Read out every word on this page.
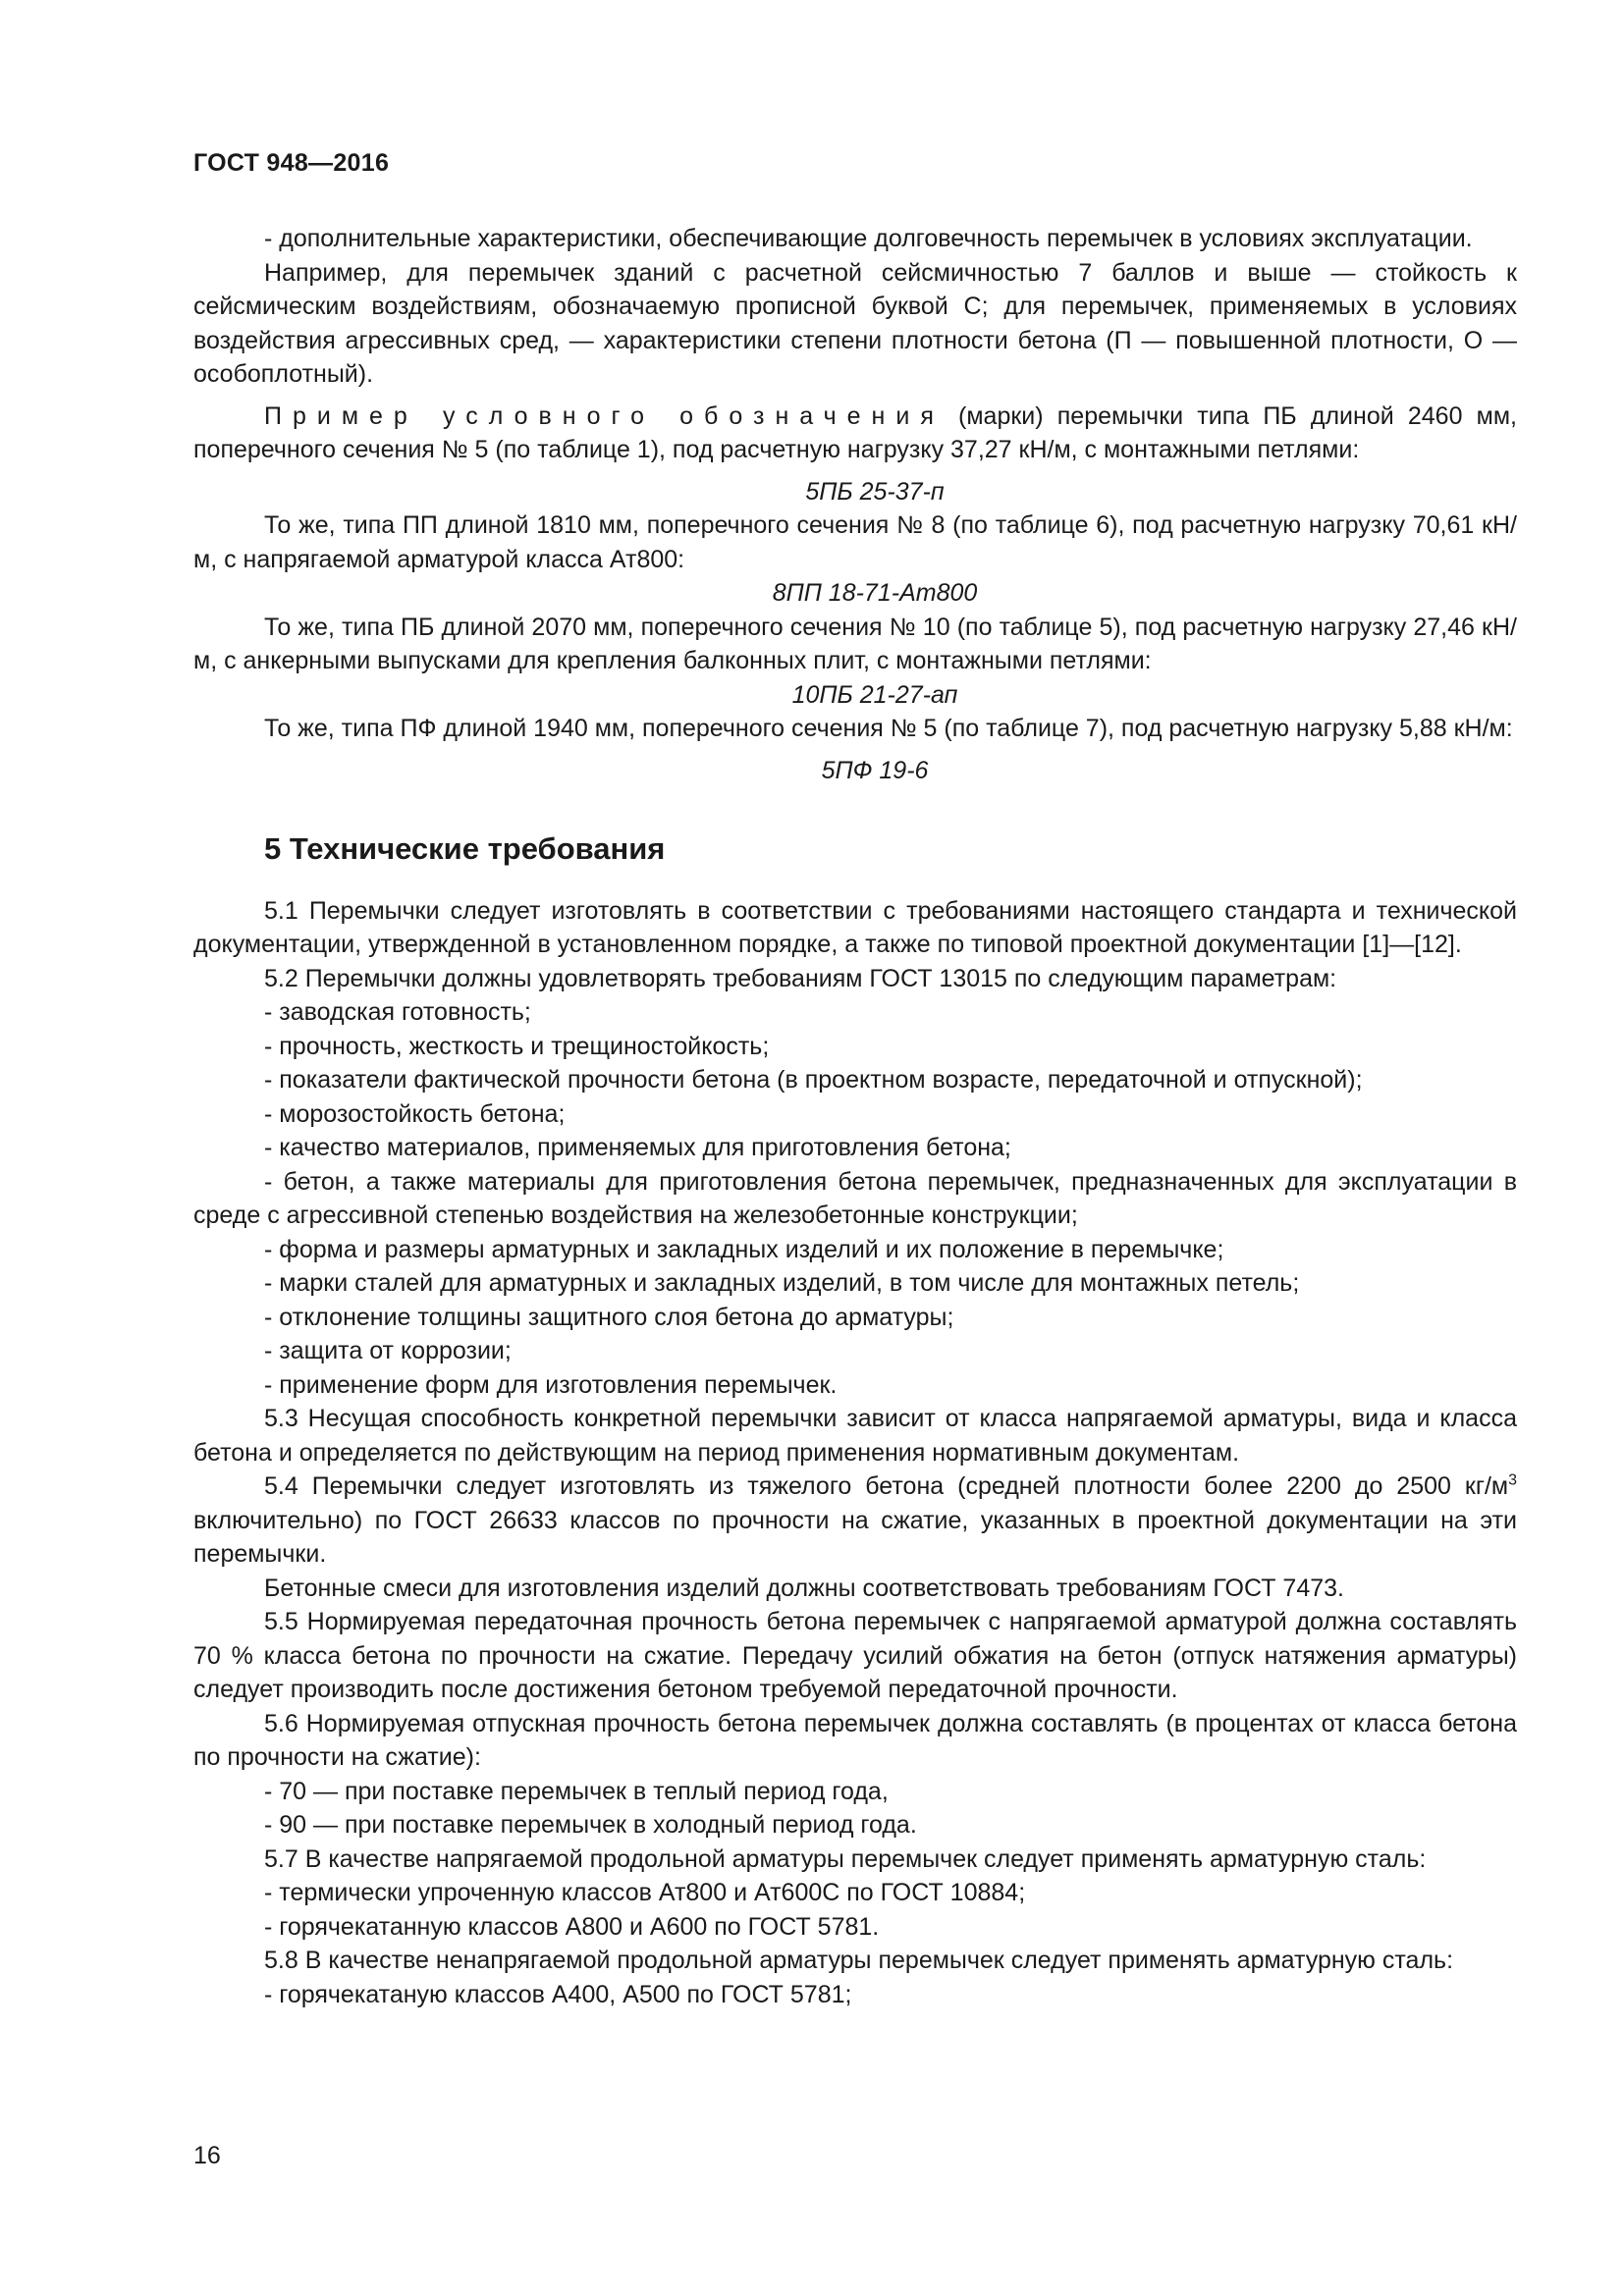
ГОСТ 948—2016

- дополнительные характеристики, обеспечивающие долговечность перемычек в условиях эксплуатации.

Например, для перемычек зданий с расчетной сейсмичностью 7 баллов и выше — стойкость к сейсмическим воздействиям, обозначаемую прописной буквой С; для перемычек, применяемых в условиях воздействия агрессивных сред, — характеристики степени плотности бетона (П — повышенной плотности, О — особоплотный).

Пример условного обозначения (марки) перемычки типа ПБ длиной 2460 мм, поперечного сечения № 5 (по таблице 1), под расчетную нагрузку 37,27 кН/м, с монтажными петлями:

5ПБ 25-37-п

То же, типа ПП длиной 1810 мм, поперечного сечения № 8 (по таблице 6), под расчетную нагрузку 70,61 кН/м, с напрягаемой арматурой класса Ат800:

8ПП 18-71-Ат800

То же, типа ПБ длиной 2070 мм, поперечного сечения № 10 (по таблице 5), под расчетную нагрузку 27,46 кН/м, с анкерными выпусками для крепления балконных плит, с монтажными петлями:

10ПБ 21-27-ап

То же, типа ПФ длиной 1940 мм, поперечного сечения № 5 (по таблице 7), под расчетную нагрузку 5,88 кН/м:

5ПФ 19-6

5 Технические требования

5.1 Перемычки следует изготовлять в соответствии с требованиями настоящего стандарта и технической документации, утвержденной в установленном порядке, а также по типовой проектной документации [1]—[12].

5.2 Перемычки должны удовлетворять требованиям ГОСТ 13015 по следующим параметрам:

- заводская готовность;

- прочность, жесткость и трещиностойкость;

- показатели фактической прочности бетона (в проектном возрасте, передаточной и отпускной);

- морозостойкость бетона;

- качество материалов, применяемых для приготовления бетона;

- бетон, а также материалы для приготовления бетона перемычек, предназначенных для эксплуатации в среде с агрессивной степенью воздействия на железобетонные конструкции;

- форма и размеры арматурных и закладных изделий и их положение в перемычке;

- марки сталей для арматурных и закладных изделий, в том числе для монтажных петель;

- отклонение толщины защитного слоя бетона до арматуры;

- защита от коррозии;

- применение форм для изготовления перемычек.

5.3 Несущая способность конкретной перемычки зависит от класса напрягаемой арматуры, вида и класса бетона и определяется по действующим на период применения нормативным документам.

5.4 Перемычки следует изготовлять из тяжелого бетона (средней плотности более 2200 до 2500 $кг/м^3$ включительно) по ГОСТ 26633 классов по прочности на сжатие, указанных в проектной документации на эти перемычки.

Бетонные смеси для изготовления изделий должны соответствовать требованиям ГОСТ 7473.

5.5 Нормируемая передаточная прочность бетона перемычек с напрягаемой арматурой должна составлять 70 % класса бетона по прочности на сжатие. Передачу усилий обжатия на бетон (отпуск натяжения арматуры) следует производить после достижения бетоном требуемой передаточной прочности.

5.6 Нормируемая отпускная прочность бетона перемычек должна составлять (в процентах от класса бетона по прочности на сжатие):

- 70 — при поставке перемычек в теплый период года,

- 90 — при поставке перемычек в холодный период года.

5.7 В качестве напрягаемой продольной арматуры перемычек следует применять арматурную сталь:

- термически упроченную классов Ат800 и Ат600С по ГОСТ 10884;

- горячекатанную классов А800 и А600 по ГОСТ 5781.

5.8 В качестве ненапрягаемой продольной арматуры перемычек следует применять арматурную сталь:

- горячекатаную классов А400, А500 по ГОСТ 5781;

16
